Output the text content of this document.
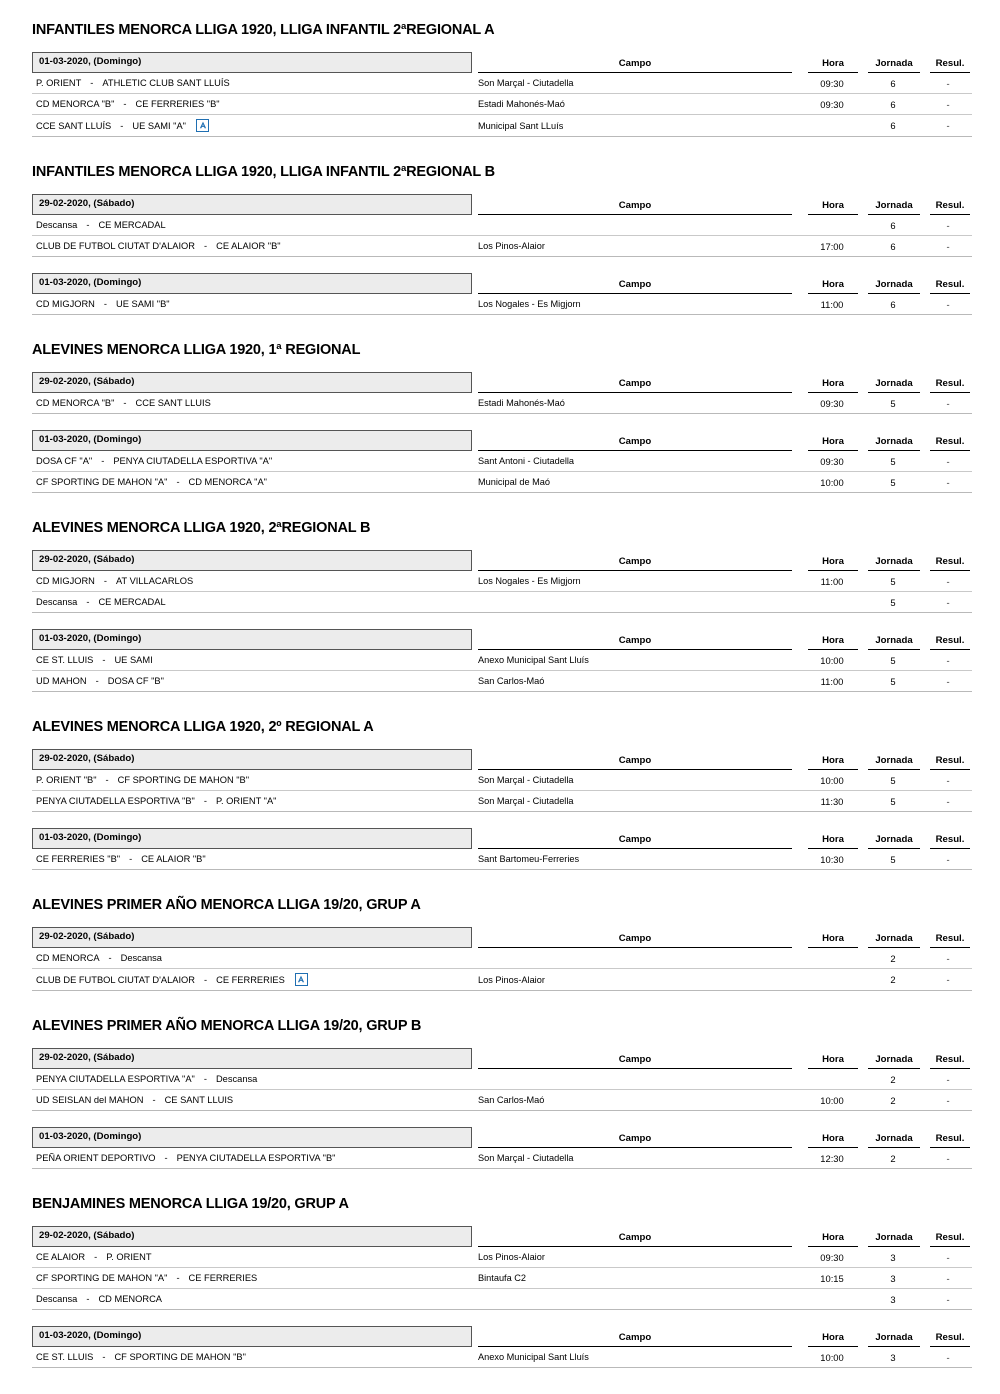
INFANTILES MENORCA LLIGA 1920, LLIGA INFANTIL 2ªREGIONAL A
01-03-2020, (Domingo)	Campo	Hora	Jornada	Resul.

P. ORIENT - ATHLETIC CLUB SANT LLUÍS	Son Marçal - Ciutadella	09:30	6	-

CD MENORCA "B" - CE FERRERIES "B"	Estadi Mahonés-Maó	09:30	6	-

CCE SANT LLUÍS - UE SAMI "A"	Municipal Sant LLuís		6	-
INFANTILES MENORCA LLIGA 1920, LLIGA INFANTIL 2ªREGIONAL B
29-02-2020, (Sábado)	Campo	Hora	Jornada	Resul.

Descansa - CE MERCADAL			6	-

CLUB DE FUTBOL CIUTAT D'ALAIOR - CE ALAIOR "B"	Los Pinos-Alaior	17:00	6	-
01-03-2020, (Domingo)	Campo	Hora	Jornada	Resul.

CD MIGJORN - UE SAMI "B"	Los Nogales - Es Migjorn	11:00	6	-
ALEVINES MENORCA LLIGA 1920, 1ª REGIONAL
29-02-2020, (Sábado)	Campo	Hora	Jornada	Resul.

CD MENORCA "B" - CCE SANT LLUIS	Estadi Mahonés-Maó	09:30	5	-
01-03-2020, (Domingo)	Campo	Hora	Jornada	Resul.

DOSA CF "A" - PENYA CIUTADELLA ESPORTIVA "A"	Sant Antoni - Ciutadella	09:30	5	-

CF SPORTING DE MAHON "A" - CD MENORCA "A"	Municipal de Maó	10:00	5	-
ALEVINES MENORCA LLIGA 1920, 2ªREGIONAL B
29-02-2020, (Sábado)	Campo	Hora	Jornada	Resul.

CD MIGJORN - AT VILLACARLOS	Los Nogales - Es Migjorn	11:00	5	-

Descansa - CE MERCADAL			5	-
01-03-2020, (Domingo)	Campo	Hora	Jornada	Resul.

CE ST. LLUIS - UE SAMI	Anexo Municipal Sant Lluís	10:00	5	-

UD MAHON - DOSA CF "B"	San Carlos-Maó	11:00	5	-
ALEVINES MENORCA LLIGA 1920, 2º REGIONAL A
29-02-2020, (Sábado)	Campo	Hora	Jornada	Resul.

P. ORIENT "B" - CF SPORTING DE MAHON "B"	Son Marçal - Ciutadella	10:00	5	-

PENYA CIUTADELLA ESPORTIVA "B" - P. ORIENT "A"	Son Marçal - Ciutadella	11:30	5	-
01-03-2020, (Domingo)	Campo	Hora	Jornada	Resul.

CE FERRERIES "B" - CE ALAIOR "B"	Sant Bartomeu-Ferreries	10:30	5	-
ALEVINES PRIMER AÑO MENORCA LLIGA 19/20, GRUP A
29-02-2020, (Sábado)	Campo	Hora	Jornada	Resul.

CD MENORCA - Descansa			2	-

CLUB DE FUTBOL CIUTAT D'ALAIOR - CE FERRERIES	Los Pinos-Alaior		2	-
ALEVINES PRIMER AÑO MENORCA LLIGA 19/20, GRUP B
29-02-2020, (Sábado)	Campo	Hora	Jornada	Resul.

PENYA CIUTADELLA ESPORTIVA "A" - Descansa			2	-

UD SEISLAN del MAHON - CE SANT LLUIS	San Carlos-Maó	10:00	2	-
01-03-2020, (Domingo)	Campo	Hora	Jornada	Resul.

PEÑA ORIENT DEPORTIVO - PENYA CIUTADELLA ESPORTIVA "B"	Son Marçal - Ciutadella	12:30	2	-
BENJAMINES MENORCA LLIGA 19/20, GRUP A
29-02-2020, (Sábado)	Campo	Hora	Jornada	Resul.

CE ALAIOR - P. ORIENT	Los Pinos-Alaior	09:30	3	-

CF SPORTING DE MAHON "A" - CE FERRERIES	Bintaufa C2	10:15	3	-

Descansa - CD MENORCA			3	-
01-03-2020, (Domingo)	Campo	Hora	Jornada	Resul.

CE ST. LLUIS - CF SPORTING DE MAHON "B"	Anexo Municipal Sant Lluís	10:00	3	-
